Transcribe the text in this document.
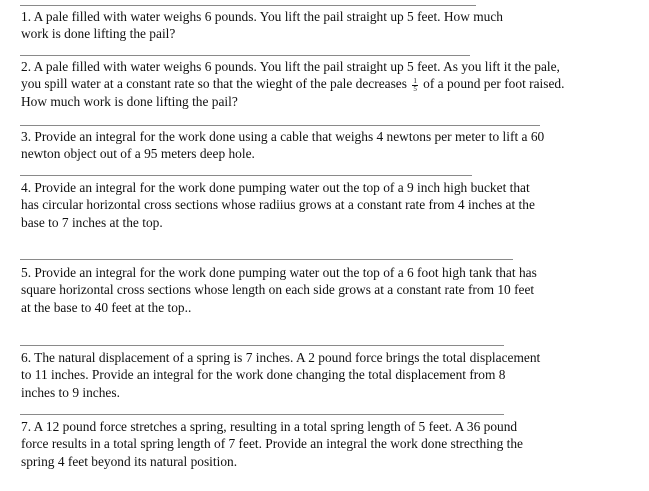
1. A pale filled with water weighs 6 pounds. You lift the pail straight up 5 feet. How much
work is done lifting the pail?

2. A pale filled with water weighs 6 pounds. You lift the pail straight up 5 feet. As you lift it the pale,
you spill water at a constant rate so that the wieght of the pale decreases $\frac{1}{5}$ of a pound per foot raised.
How much work is done lifting the pail?

3. Provide an integral for the work done using a cable that weighs 4 newtons per meter to lift a 60
newton object out of a 95 meters deep hole.

4. Provide an integral for the work done pumping water out the top of a 9 inch high bucket that
has circular horizontal cross sections whose radiius grows at a constant rate from 4 inches at the
base to 7 inches at the top.

5. Provide an integral for the work done pumping water out the top of a 6 foot high tank that has
square horizontal cross sections whose length on each side grows at a constant rate from 10 feet
at the base to 40 feet at the top..

6. The natural displacement of a spring is 7 inches. A 2 pound force brings the total displacement
to 11 inches. Provide an integral for the work done changing the total displacement from 8
inches to 9 inches.

7. A 12 pound force stretches a spring, resulting in a total spring length of 5 feet. A 36 pound
force results in a total spring length of 7 feet. Provide an integral the work done strecthing the
spring 4 feet beyond its natural position.
